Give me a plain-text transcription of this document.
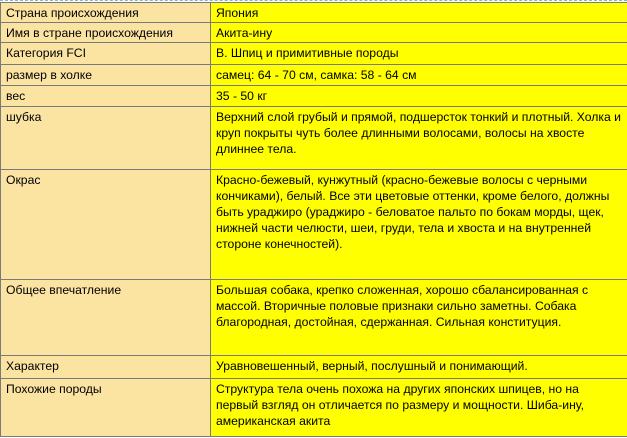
Страна происхождения	Япония
Имя в стране происхождения	Акита-ину
Категория FCI	B. Шпиц и примитивные породы
размер в холке	самец: 64 - 70 см, самка: 58 - 64 см
вес	35 - 50 кг
шубка	Верхний слой грубый и прямой, подшерсток тонкий и плотный. Холка и круп покрыты чуть более длинными волосами, волосы на хвосте длиннее тела.
Окрас	Красно-бежевый, кунжутный (красно-бежевые волосы с черными кончиками), белый. Все эти цветовые оттенки, кроме белого, должны быть ураджиро (ураджиро - беловатое пальто по бокам морды, щек, нижней части челюсти, шеи, груди, тела и хвоста и на внутренней стороне конечностей).
Общее впечатление	Большая собака, крепко сложенная, хорошо сбалансированная с массой. Вторичные половые признаки сильно заметны. Собака благородная, достойная, сдержанная. Сильная конституция.
Характер	Уравновешенный, верный, послушный и понимающий.
Похожие породы	Структура тела очень похожа на других японских шпицев, но на первый взгляд он отличается по размеру и мощности. Шиба-ину, американская акита
